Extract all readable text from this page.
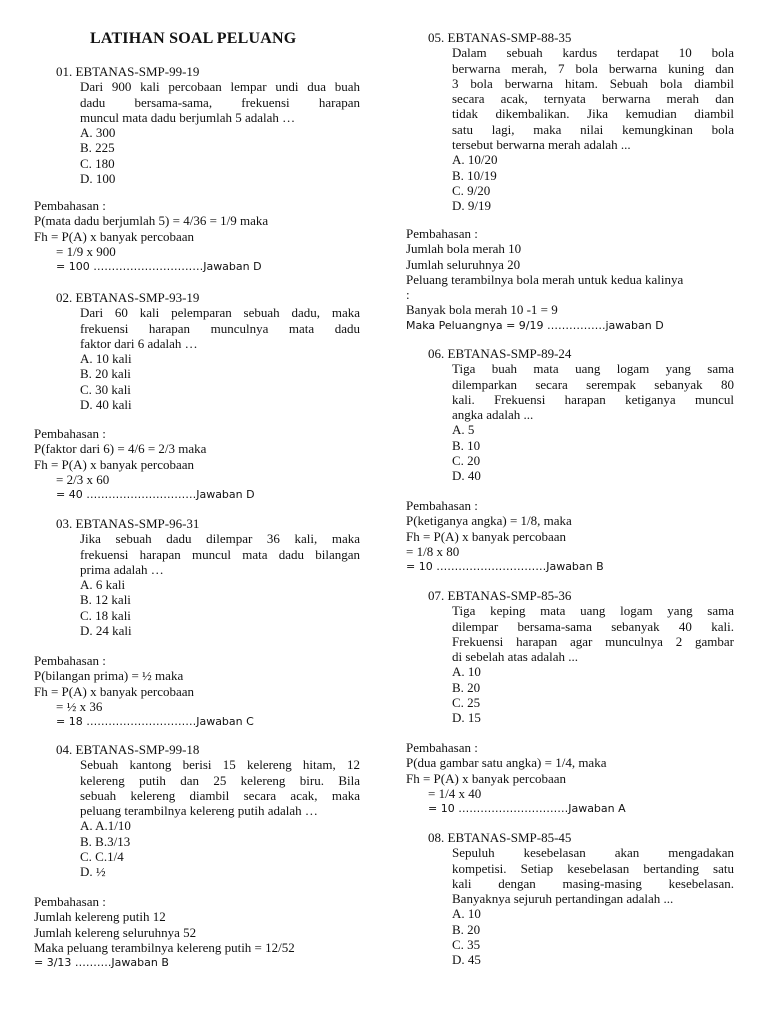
LATIHAN SOAL PELUANG
01. EBTANAS-SMP-99-19
Dari 900 kali percobaan lempar undi dua buah
dadu bersama-sama, frekuensi harapan
muncul mata dadu berjumlah 5 adalah …
A. 300
B. 225
C. 180
D. 100
Pembahasan :
P(mata dadu berjumlah 5) = 4/36 = 1/9 maka
Fh = P(A) x banyak percobaan
= 1/9 x 900
= 100 …………………………Jawaban D
02. EBTANAS-SMP-93-19
Dari 60 kali pelemparan sebuah dadu, maka
frekuensi harapan munculnya mata dadu
faktor dari 6 adalah …
A. 10 kali
B. 20 kali
C. 30 kali
D. 40 kali
Pembahasan :
P(faktor dari 6) = 4/6 = 2/3 maka
Fh = P(A) x banyak percobaan
= 2/3 x 60
= 40 …………………………Jawaban D
03. EBTANAS-SMP-96-31
Jika sebuah dadu dilempar 36 kali, maka
frekuensi harapan muncul mata dadu bilangan
prima adalah …
A. 6 kali
B. 12 kali
C. 18 kali
D. 24 kali
Pembahasan :
P(bilangan prima) = ½ maka
Fh = P(A) x banyak percobaan
= ½ x 36
= 18 …………………………Jawaban C
04. EBTANAS-SMP-99-18
Sebuah kantong berisi 15 kelereng hitam, 12
kelereng putih dan 25 kelereng biru. Bila
sebuah kelereng diambil secara acak, maka
peluang terambilnya kelereng putih adalah …
A. A.1/10
B. B.3/13
C. C.1/4
D. ½
Pembahasan :
Jumlah kelereng putih 12
Jumlah kelereng seluruhnya 52
Maka peluang terambilnya kelereng putih = 12/52
= 3/13 ……….Jawaban B
05. EBTANAS-SMP-88-35
Dalam sebuah kardus terdapat 10 bola
berwarna merah, 7 bola berwarna kuning dan
3 bola berwarna hitam. Sebuah bola diambil
secara acak, ternyata berwarna merah dan
tidak dikembalikan. Jika kemudian diambil
satu lagi, maka nilai kemungkinan bola
tersebut berwarna merah adalah ...
A. 10/20
B. 10/19
C. 9/20
D. 9/19
Pembahasan :
Jumlah bola merah 10
Jumlah seluruhnya 20
Peluang terambilnya bola merah untuk kedua kalinya
:
Banyak bola merah 10 -1 = 9
Maka Peluangnya = 9/19 …………….jawaban D
06. EBTANAS-SMP-89-24
Tiga buah mata uang logam yang sama
dilemparkan secara serempak sebanyak 80
kali. Frekuensi harapan ketiganya muncul
angka adalah ...
A. 5
B. 10
C. 20
D. 40
Pembahasan :
P(ketiganya angka) = 1/8, maka
Fh = P(A) x banyak percobaan
= 1/8 x 80
= 10 …………………………Jawaban B
07. EBTANAS-SMP-85-36
Tiga keping mata uang logam yang sama
dilempar bersama-sama sebanyak 40 kali.
Frekuensi harapan agar munculnya 2 gambar
di sebelah atas adalah ...
A. 10
B. 20
C. 25
D. 15
Pembahasan :
P(dua gambar satu angka) = 1/4, maka
Fh = P(A) x banyak percobaan
= 1/4 x 40
= 10 …………………………Jawaban A
08. EBTANAS-SMP-85-45
Sepuluh kesebelasan akan mengadakan
kompetisi. Setiap kesebelasan bertanding satu
kali dengan masing-masing kesebelasan.
Banyaknya sejuruh pertandingan adalah ...
A. 10
B. 20
C. 35
D. 45
